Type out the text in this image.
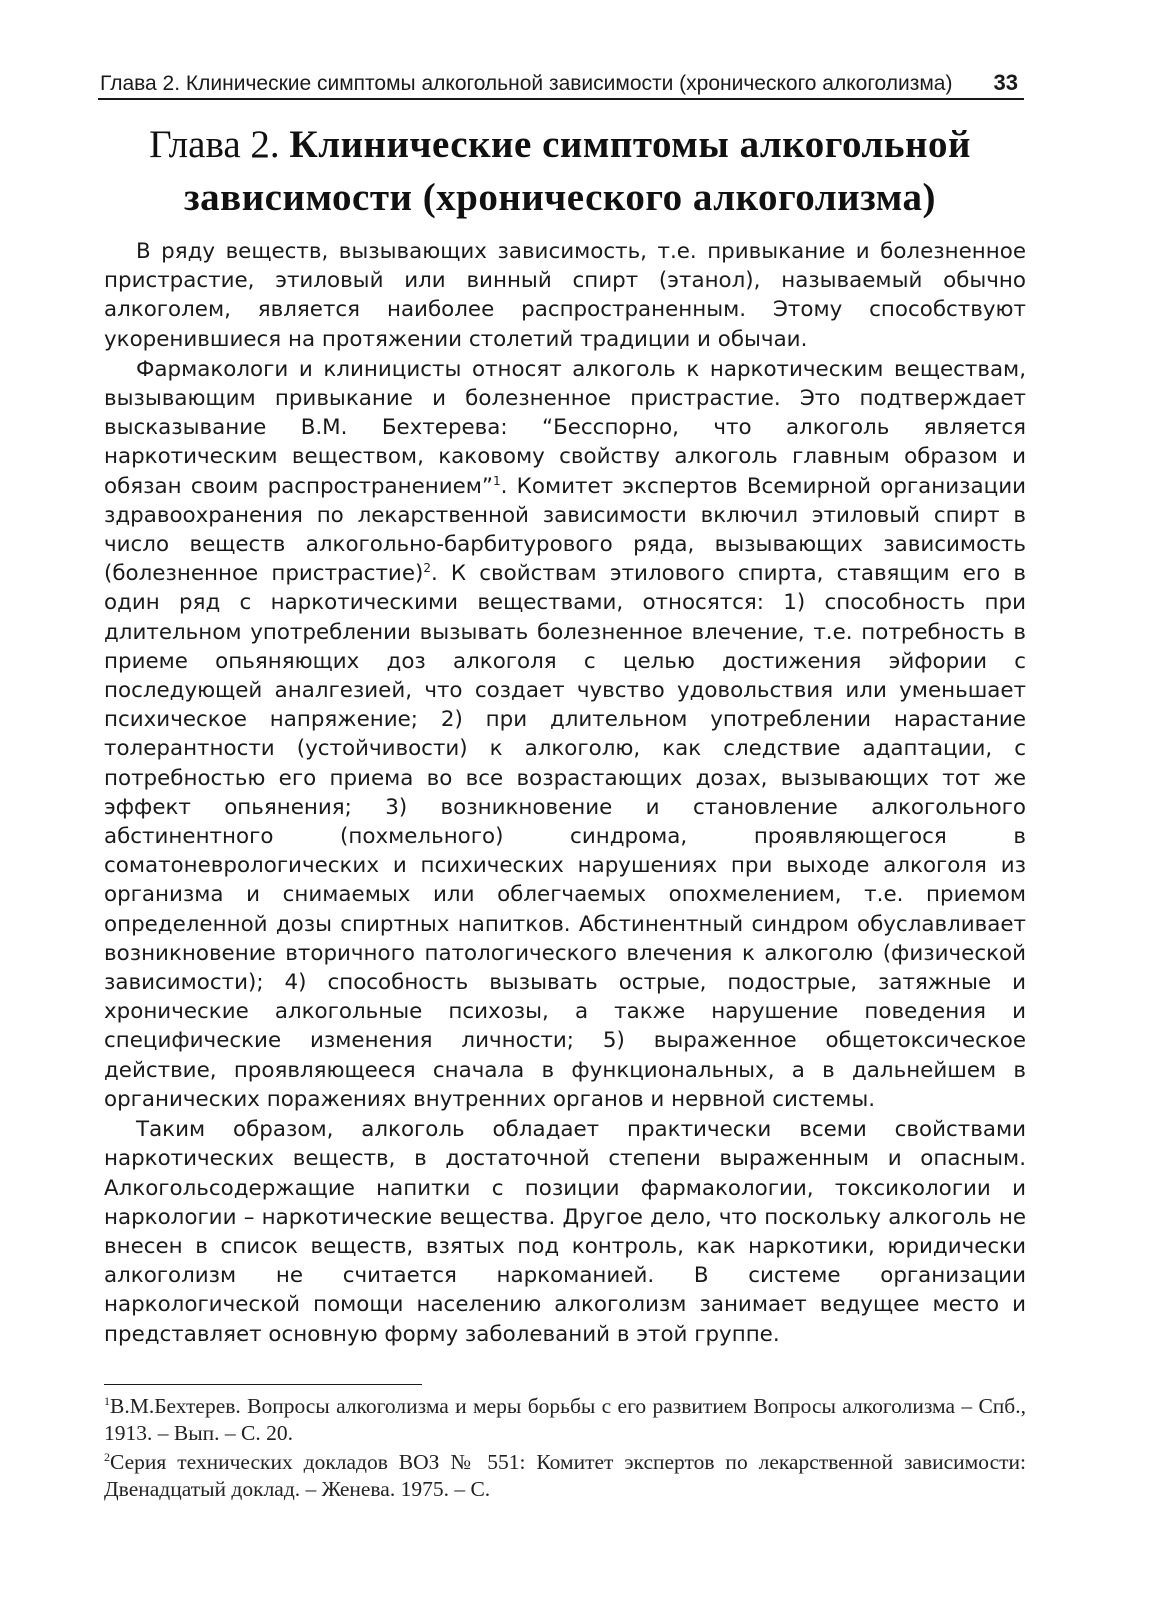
Глава 2. Клинические симптомы алкогольной зависимости (хронического алкоголизма) 33
Глава 2. Клинические симптомы алкогольной
зависимости (хронического алкоголизма)

В ряду веществ, вызывающих зависимость, т.е. привыкание и болезненное пристрастие, этиловый или винный спирт (этанол), называемый обычно алкоголем, является наиболее распространенным. Этому способствуют укоренившиеся на протяжении столетий традиции и обычаи.

Фармакологи и клиницисты относят алкоголь к наркотическим веществам, вызывающим привыкание и болезненное пристрастие. Это подтверждает высказывание В.М. Бехтерева: “Бесспорно, что алкоголь является наркотическим веществом, каковому свойству алкоголь главным образом и обязан своим распространением”$^1$. Комитет экспертов Всемирной организации здравоохранения по лекарственной зависимости включил этиловый спирт в число веществ алкогольно-барбитурового ряда, вызывающих зависимость (болезненное пристрастие)$^2$. К свойствам этилового спирта, ставящим его в один ряд с наркотическими веществами, относятся: 1) способность при длительном употреблении вызывать болезненное влечение, т.е. потребность в приеме опьяняющих доз алкоголя с целью достижения эйфории с последующей аналгезией, что создает чувство удовольствия или уменьшает психическое напряжение; 2) при длительном употреблении нарастание толерантности (устойчивости) к алкоголю, как следствие адаптации, с потребностью его приема во все возрастающих дозах, вызывающих тот же эффект опьянения; 3) возникновение и становление алкогольного абстинентного (похмельного) синдрома, проявляющегося в соматоневрологических и психических нарушениях при выходе алкоголя из организма и снимаемых или облегчаемых опохмелением, т.е. приемом определенной дозы спиртных напитков. Абстинентный синдром обуславливает возникновение вторичного патологического влечения к алкоголю (физической зависимости); 4) способность вызывать острые, подострые, затяжные и хронические алкогольные психозы, а также нарушение поведения и специфические изменения личности; 5) выраженное общетоксическое действие, проявляющееся сначала в функциональных, а в дальнейшем в органических поражениях внутренних органов и нервной системы.

Таким образом, алкоголь обладает практически всеми свойствами наркотических веществ, в достаточной степени выраженным и опасным. Алкогольсодержащие напитки с позиции фармакологии, токсикологии и наркологии – наркотические вещества. Другое дело, что поскольку алкоголь не внесен в список веществ, взятых под контроль, как наркотики, юридически алкоголизм не считается наркоманией. В системе организации наркологической помощи населению алкоголизм занимает ведущее место и представляет основную форму заболеваний в этой группе.

$^1$В.М.Бехтерев. Вопросы алкоголизма и меры борьбы с его развитием Вопросы алкоголизма – Спб., 1913. – Вып. – С. 20.

$^2$Серия технических докладов ВОЗ № 551: Комитет экспертов по лекарственной зависимости: Двенадцатый доклад. – Женева. 1975. – С.
